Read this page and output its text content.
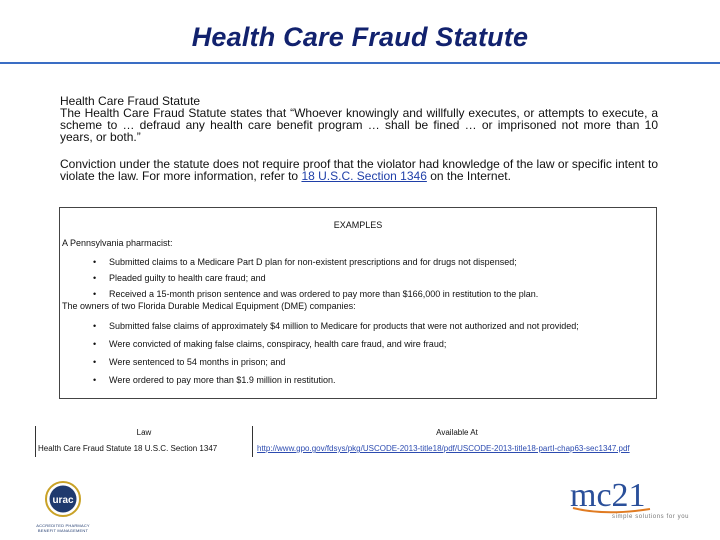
Health Care Fraud Statute

Health Care Fraud Statute

The Health Care Fraud Statute states that “Whoever knowingly and willfully executes, or attempts to execute, a scheme to … defraud any health care benefit program … shall be fined … or imprisoned not more than 10 years, or both.”

Conviction under the statute does not require proof that the violator had knowledge of the law or specific intent to violate the law. For more information, refer to 18 U.S.C. Section 1346 on the Internet.

EXAMPLES
A Pennsylvania pharmacist:
• Submitted claims to a Medicare Part D plan for non-existent prescriptions and for drugs not dispensed;
• Pleaded guilty to health care fraud; and
• Received a 15-month prison sentence and was ordered to pay more than $166,000 in restitution to the plan.
The owners of two Florida Durable Medical Equipment (DME) companies:
• Submitted false claims of approximately $4 million to Medicare for products that were not authorized and not provided;
• Were convicted of making false claims, conspiracy, health care fraud, and wire fraud;
• Were sentenced to 54 months in prison; and
• Were ordered to pay more than $1.9 million in restitution.
Law	Available At
Health Care Fraud Statute 18 U.S.C. Section 1347	http://www.gpo.gov/fdsys/pkg/USCODE-2013-title18/pdf/USCODE-2013-title18-partI-chap63-sec1347.pdf
urac
ACCREDITED PHARMACY BENEFIT MANAGEMENT
mc21
simple solutions for you
